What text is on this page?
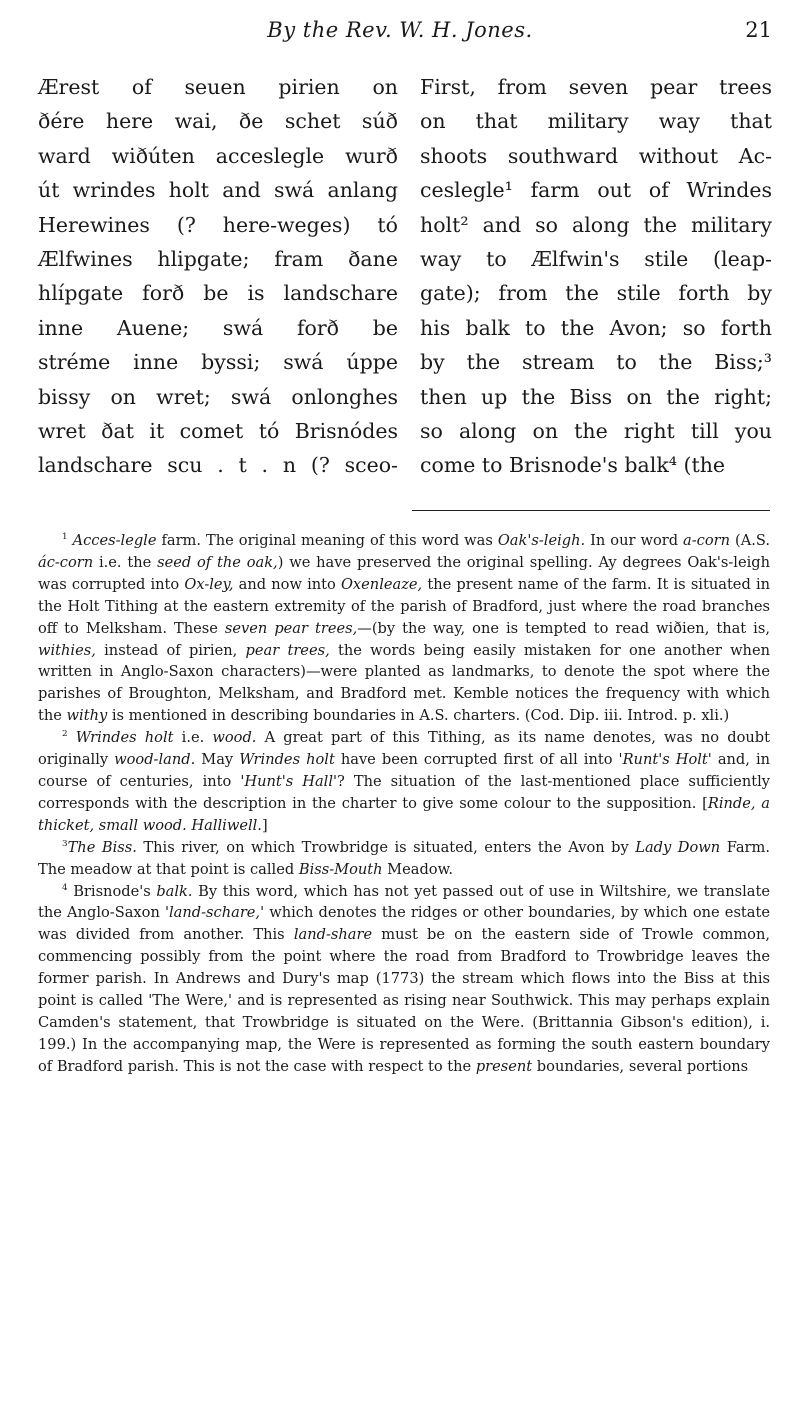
By the Rev. W. H. Jones.	21
Ærest of seuen pirien on
ðére here wai, ðe schet súð
ward wiðúten acceslegle wurð
út wrindes holt and swá anlang
Herewines (? here-weges) tó
Ælfwines hlipgate; fram ðane
hlípgate forð be is landschare
inne Auene; swá forð be
stréme inne byssi; swá úppe
bissy on wret; swá onlonghes
wret ðat it comet tó Brisnódes
landschare scu . t . n (? sceo-
First, from seven pear trees
on that military way that
shoots southward without Ac-
ceslegle¹ farm out of Wrindes
holt² and so along the military
way to Ælfwin's stile (leap-
gate); from the stile forth by
his balk to the Avon; so forth
by the stream to the Biss;³
then up the Biss on the right;
so along on the right till you
come to Brisnode's balk⁴ (the

$^1$ Acces-legle farm. The original meaning of this word was Oak's-leigh. In our word a-corn (A.S. ác-corn i.e. the seed of the oak,) we have preserved the original spelling. Ay degrees Oak's-leigh was corrupted into Ox-ley, and now into Oxenleaze, the present name of the farm. It is situated in the Holt Tithing at the eastern extremity of the parish of Bradford, just where the road branches off to Melksham. These seven pear trees,—(by the way, one is tempted to read wiðien, that is, withies, instead of pirien, pear trees, the words being easily mistaken for one another when written in Anglo-Saxon characters)—were planted as landmarks, to denote the spot where the parishes of Broughton, Melksham, and Bradford met. Kemble notices the frequency with which the withy is mentioned in describing boundaries in A.S. charters. (Cod. Dip. iii. Introd. p. xli.)

$^2$ Wrindes holt i.e. wood. A great part of this Tithing, as its name denotes, was no doubt originally wood-land. May Wrindes holt have been corrupted first of all into 'Runt's Holt' and, in course of centuries, into 'Hunt's Hall'? The situation of the last-mentioned place sufficiently corresponds with the description in the charter to give some colour to the supposition. [Rinde, a thicket, small wood. Halliwell.]

$^3$The Biss. This river, on which Trowbridge is situated, enters the Avon by Lady Down Farm. The meadow at that point is called Biss-Mouth Meadow.

$^4$ Brisnode's balk. By this word, which has not yet passed out of use in Wiltshire, we translate the Anglo-Saxon 'land-schare,' which denotes the ridges or other boundaries, by which one estate was divided from another. This land-share must be on the eastern side of Trowle common, commencing possibly from the point where the road from Bradford to Trowbridge leaves the former parish. In Andrews and Dury's map (1773) the stream which flows into the Biss at this point is called 'The Were,' and is represented as rising near Southwick. This may perhaps explain Camden's statement, that Trowbridge is situated on the Were. (Brittannia Gibson's edition), i. 199.) In the accompanying map, the Were is represented as forming the south eastern boundary of Bradford parish. This is not the case with respect to the present boundaries, several portions
